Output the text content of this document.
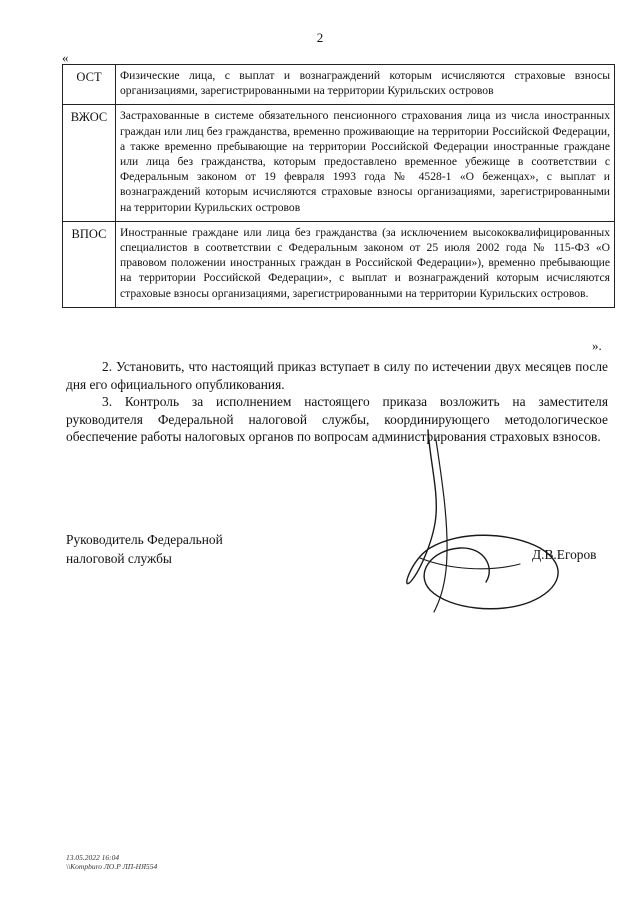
2
«
ОСТ	Физические лица, с выплат и вознаграждений которым исчисляются страховые взносы организациями, зарегистрированными на территории Курильских островов
ВЖОС	Застрахованные в системе обязательного пенсионного страхования лица из числа иностранных граждан или лиц без гражданства, временно проживающие на территории Российской Федерации, а также временно пребывающие на территории Российской Федерации иностранные граждане или лица без гражданства, которым предоставлено временное убежище в соответствии с Федеральным законом от 19 февраля 1993 года № 4528-1 «О беженцах», с выплат и вознаграждений которым исчисляются страховые взносы организациями, зарегистрированными на территории Курильских островов
ВПОС	Иностранные граждане или лица без гражданства (за исключением высококвалифицированных специалистов в соответствии с Федеральным законом от 25 июля 2002 года № 115-ФЗ «О правовом положении иностранных граждан в Российской Федерации»), временно пребывающие на территории Российской Федерации», с выплат и вознаграждений которым исчисляются страховые взносы организациями, зарегистрированными на территории Курильских островов.
».

2. Установить, что настоящий приказ вступает в силу по истечении двух месяцев после дня его официального опубликования.

3. Контроль за исполнением настоящего приказа возложить на заместителя руководителя Федеральной налоговой службы, координирующего методологическое обеспечение работы налоговых органов по вопросам администрирования страховых взносов.

Руководитель Федеральной
налоговой службы	Д.В.Егоров
13.05.2022 16:04
\\Kompburo ЛО.Р ЛП-НЯ554
